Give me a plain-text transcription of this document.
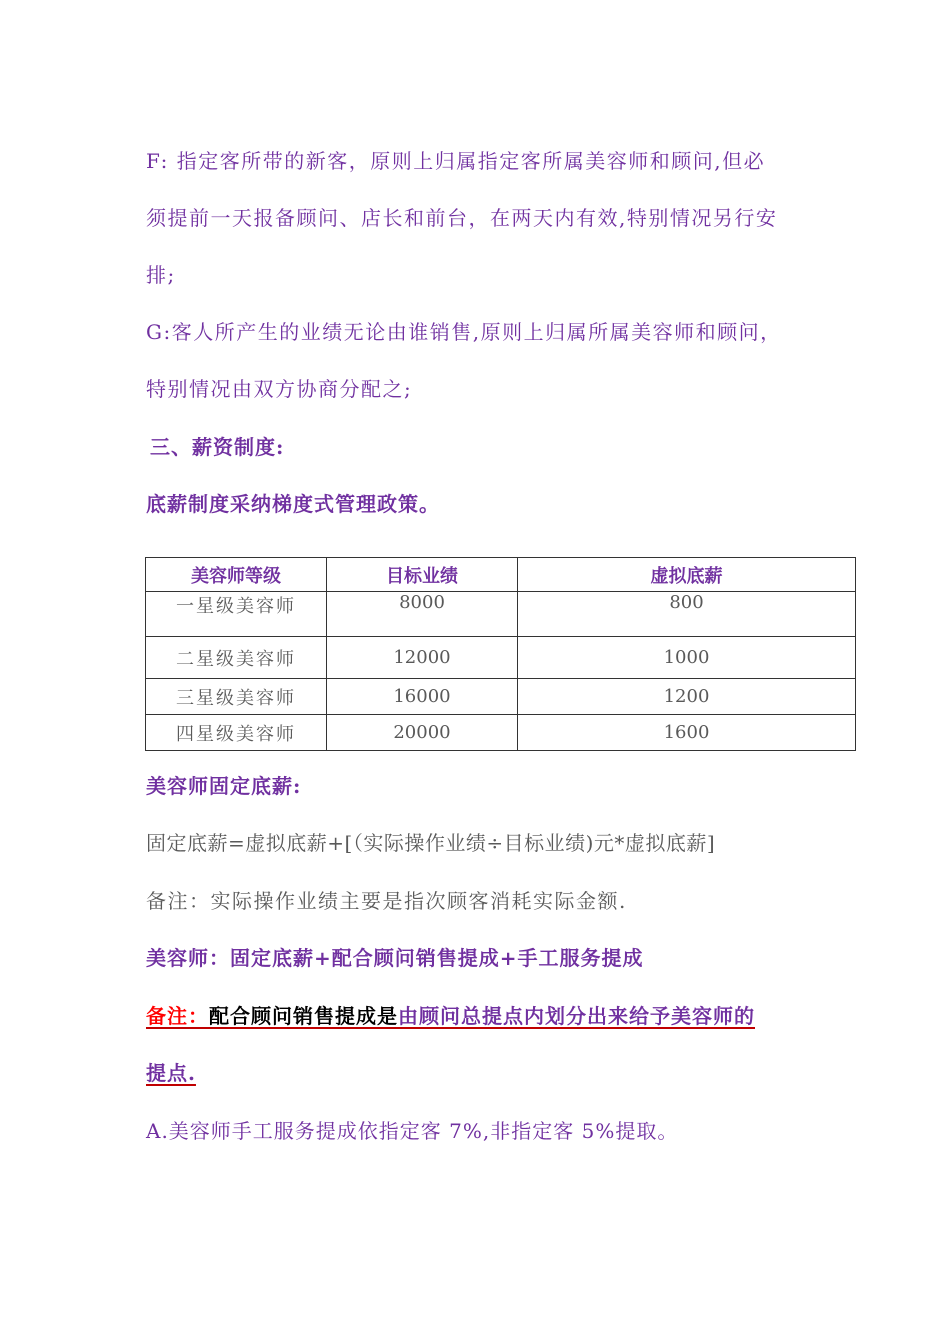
F: 指定客所带的新客，原则上归属指定客所属美容师和顾问,但必
须提前一天报备顾问、店长和前台，在两天内有效,特别情况另行安
排;
G:客人所产生的业绩无论由谁销售,原则上归属所属美容师和顾问，
特别情况由双方协商分配之;
三、薪资制度:
底薪制度采纳梯度式管理政策。
美容师等级	目标业绩	虚拟底薪
一星级美容师	8000	800
二星级美容师	12000	1000
三星级美容师	16000	1200
四星级美容师	20000	1600
美容师固定底薪:
固定底薪=虚拟底薪+[（实际操作业绩÷目标业绩)元*虚拟底薪]
备注：实际操作业绩主要是指次顾客消耗实际金额.
美容师：固定底薪+配合顾问销售提成+手工服务提成
备注：配合顾问销售提成是由顾问总提点内划分出来给予美容师的
提点.
A.美容师手工服务提成依指定客 7%,非指定客 5%提取。
